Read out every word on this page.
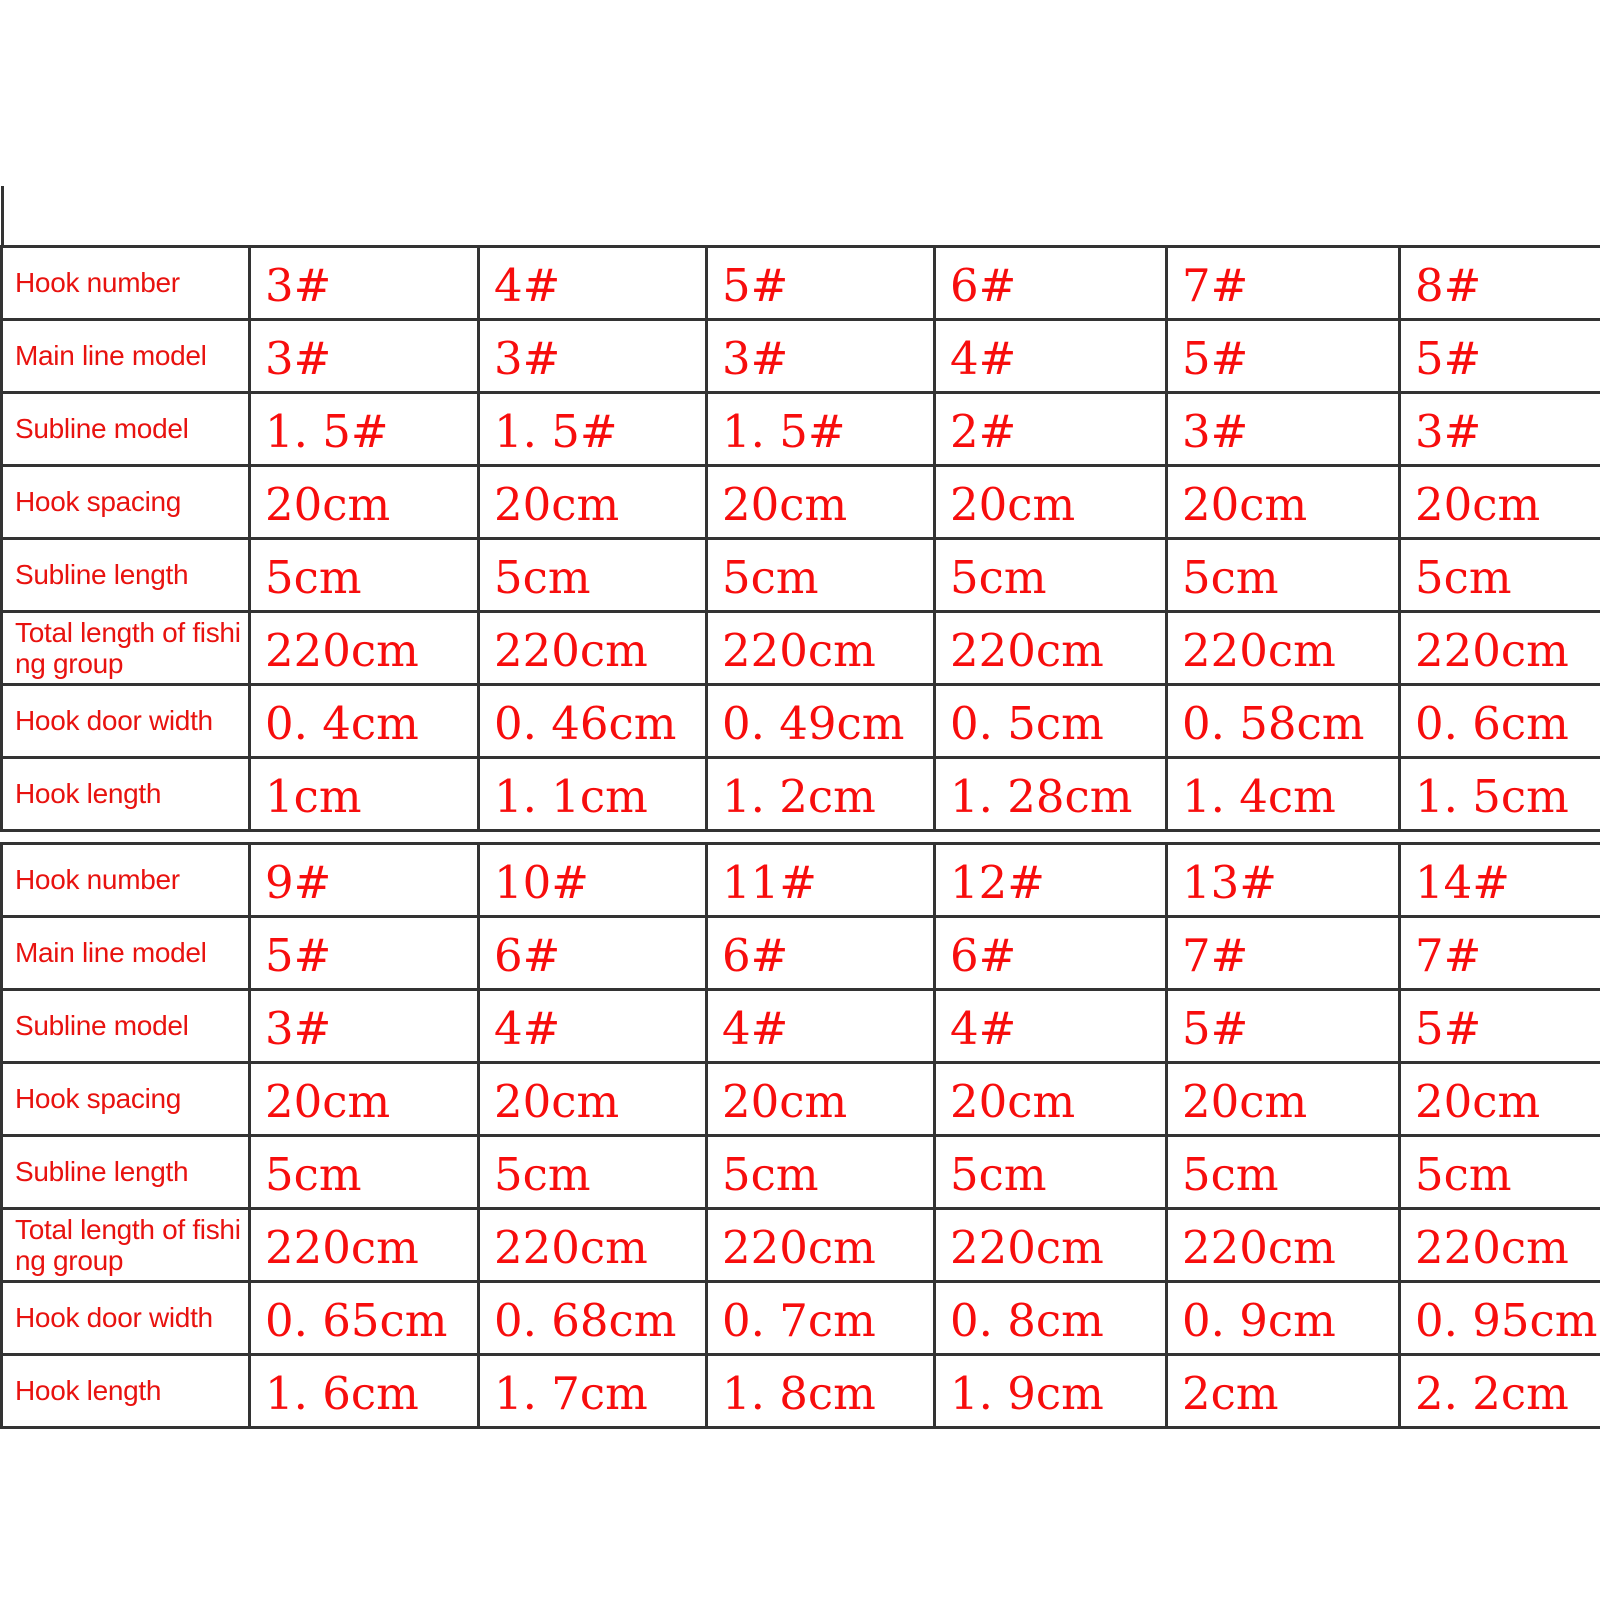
Hook number	3#	4#	5#	6#	7#	8#
Main line model	3#	3#	3#	4#	5#	5#
Subline model	1. 5#	1. 5#	1. 5#	2#	3#	3#
Hook spacing	20cm	20cm	20cm	20cm	20cm	20cm
Subline length	5cm	5cm	5cm	5cm	5cm	5cm
Total length of fishing group	220cm	220cm	220cm	220cm	220cm	220cm
Hook door width	0. 4cm	0. 46cm	0. 49cm	0. 5cm	0. 58cm	0. 6cm
Hook length	1cm	1. 1cm	1. 2cm	1. 28cm	1. 4cm	1. 5cm
Hook number	9#	10#	11#	12#	13#	14#
Main line model	5#	6#	6#	6#	7#	7#
Subline model	3#	4#	4#	4#	5#	5#
Hook spacing	20cm	20cm	20cm	20cm	20cm	20cm
Subline length	5cm	5cm	5cm	5cm	5cm	5cm
Total length of fishing group	220cm	220cm	220cm	220cm	220cm	220cm
Hook door width	0. 65cm	0. 68cm	0. 7cm	0. 8cm	0. 9cm	0. 95cm
Hook length	1. 6cm	1. 7cm	1. 8cm	1. 9cm	2cm	2. 2cm
